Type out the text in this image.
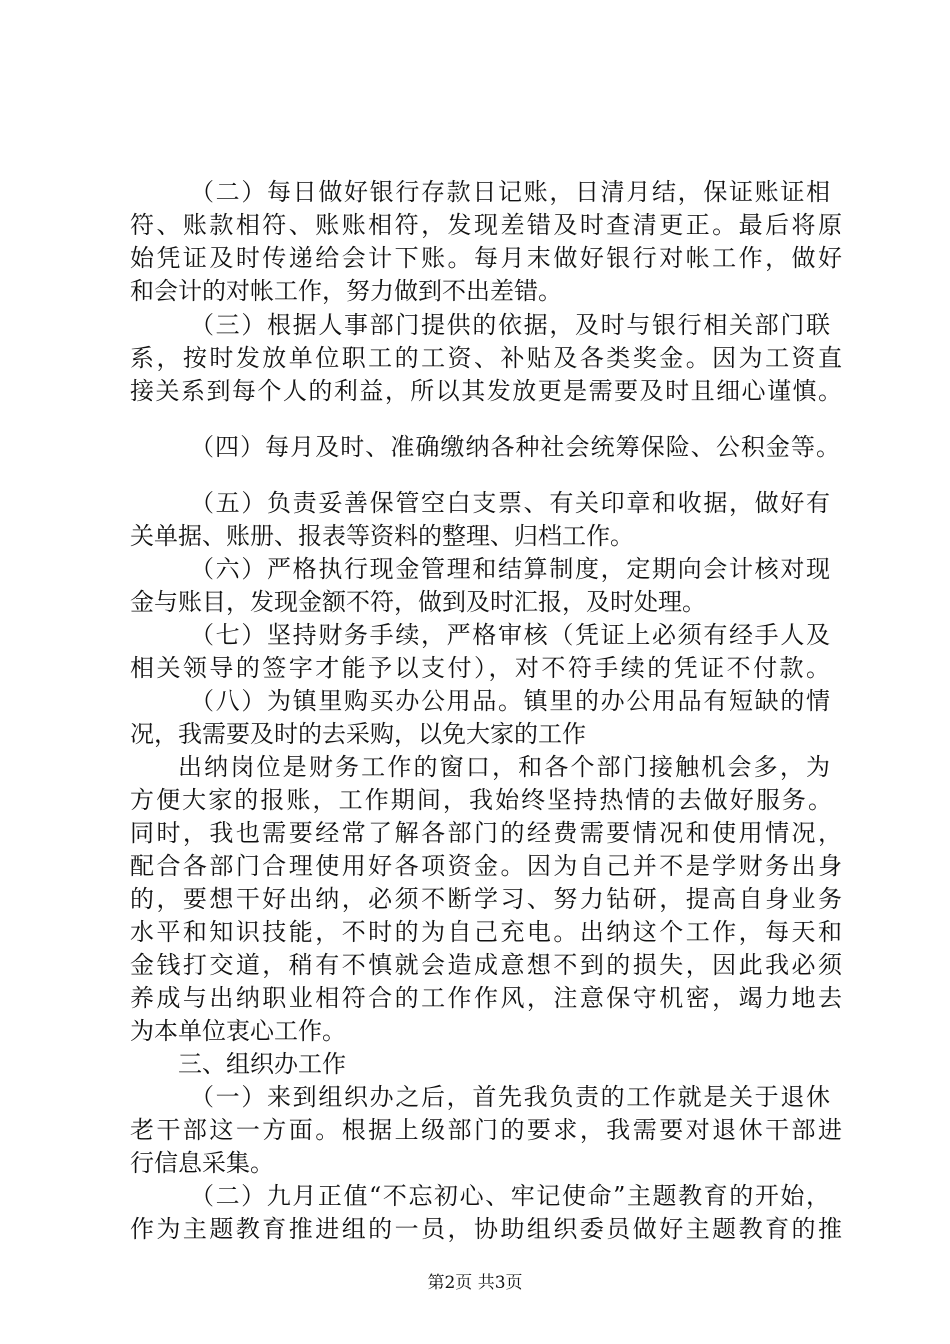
（二）每日做好银行存款日记账，日清月结，保证账证相
符、账款相符、账账相符，发现差错及时查清更正。最后将原
始凭证及时传递给会计下账。每月末做好银行对帐工作，做好
和会计的对帐工作，努力做到不出差错。
（三）根据人事部门提供的依据，及时与银行相关部门联
系，按时发放单位职工的工资、补贴及各类奖金。因为工资直
接关系到每个人的利益，所以其发放更是需要及时且细心谨慎。
（四）每月及时、准确缴纳各种社会统筹保险、公积金等。
（五）负责妥善保管空白支票、有关印章和收据，做好有
关单据、账册、报表等资料的整理、归档工作。
（六）严格执行现金管理和结算制度，定期向会计核对现
金与账目，发现金额不符，做到及时汇报，及时处理。
（七）坚持财务手续，严格审核（凭证上必须有经手人及
相关领导的签字才能予以支付），对不符手续的凭证不付款。
（八）为镇里购买办公用品。镇里的办公用品有短缺的情
况，我需要及时的去采购，以免大家的工作
出纳岗位是财务工作的窗口，和各个部门接触机会多，为
方便大家的报账，工作期间，我始终坚持热情的去做好服务。
同时，我也需要经常了解各部门的经费需要情况和使用情况，
配合各部门合理使用好各项资金。因为自己并不是学财务出身
的，要想干好出纳，必须不断学习、努力钻研，提高自身业务
水平和知识技能，不时的为自己充电。出纳这个工作，每天和
金钱打交道，稍有不慎就会造成意想不到的损失，因此我必须
养成与出纳职业相符合的工作作风，注意保守机密，竭力地去
为本单位衷心工作。
三、组织办工作
（一）来到组织办之后，首先我负责的工作就是关于退休
老干部这一方面。根据上级部门的要求，我需要对退休干部进
行信息采集。
（二）九月正值“不忘初心、牢记使命”主题教育的开始，
作为主题教育推进组的一员，协助组织委员做好主题教育的推
第2页 共3页
